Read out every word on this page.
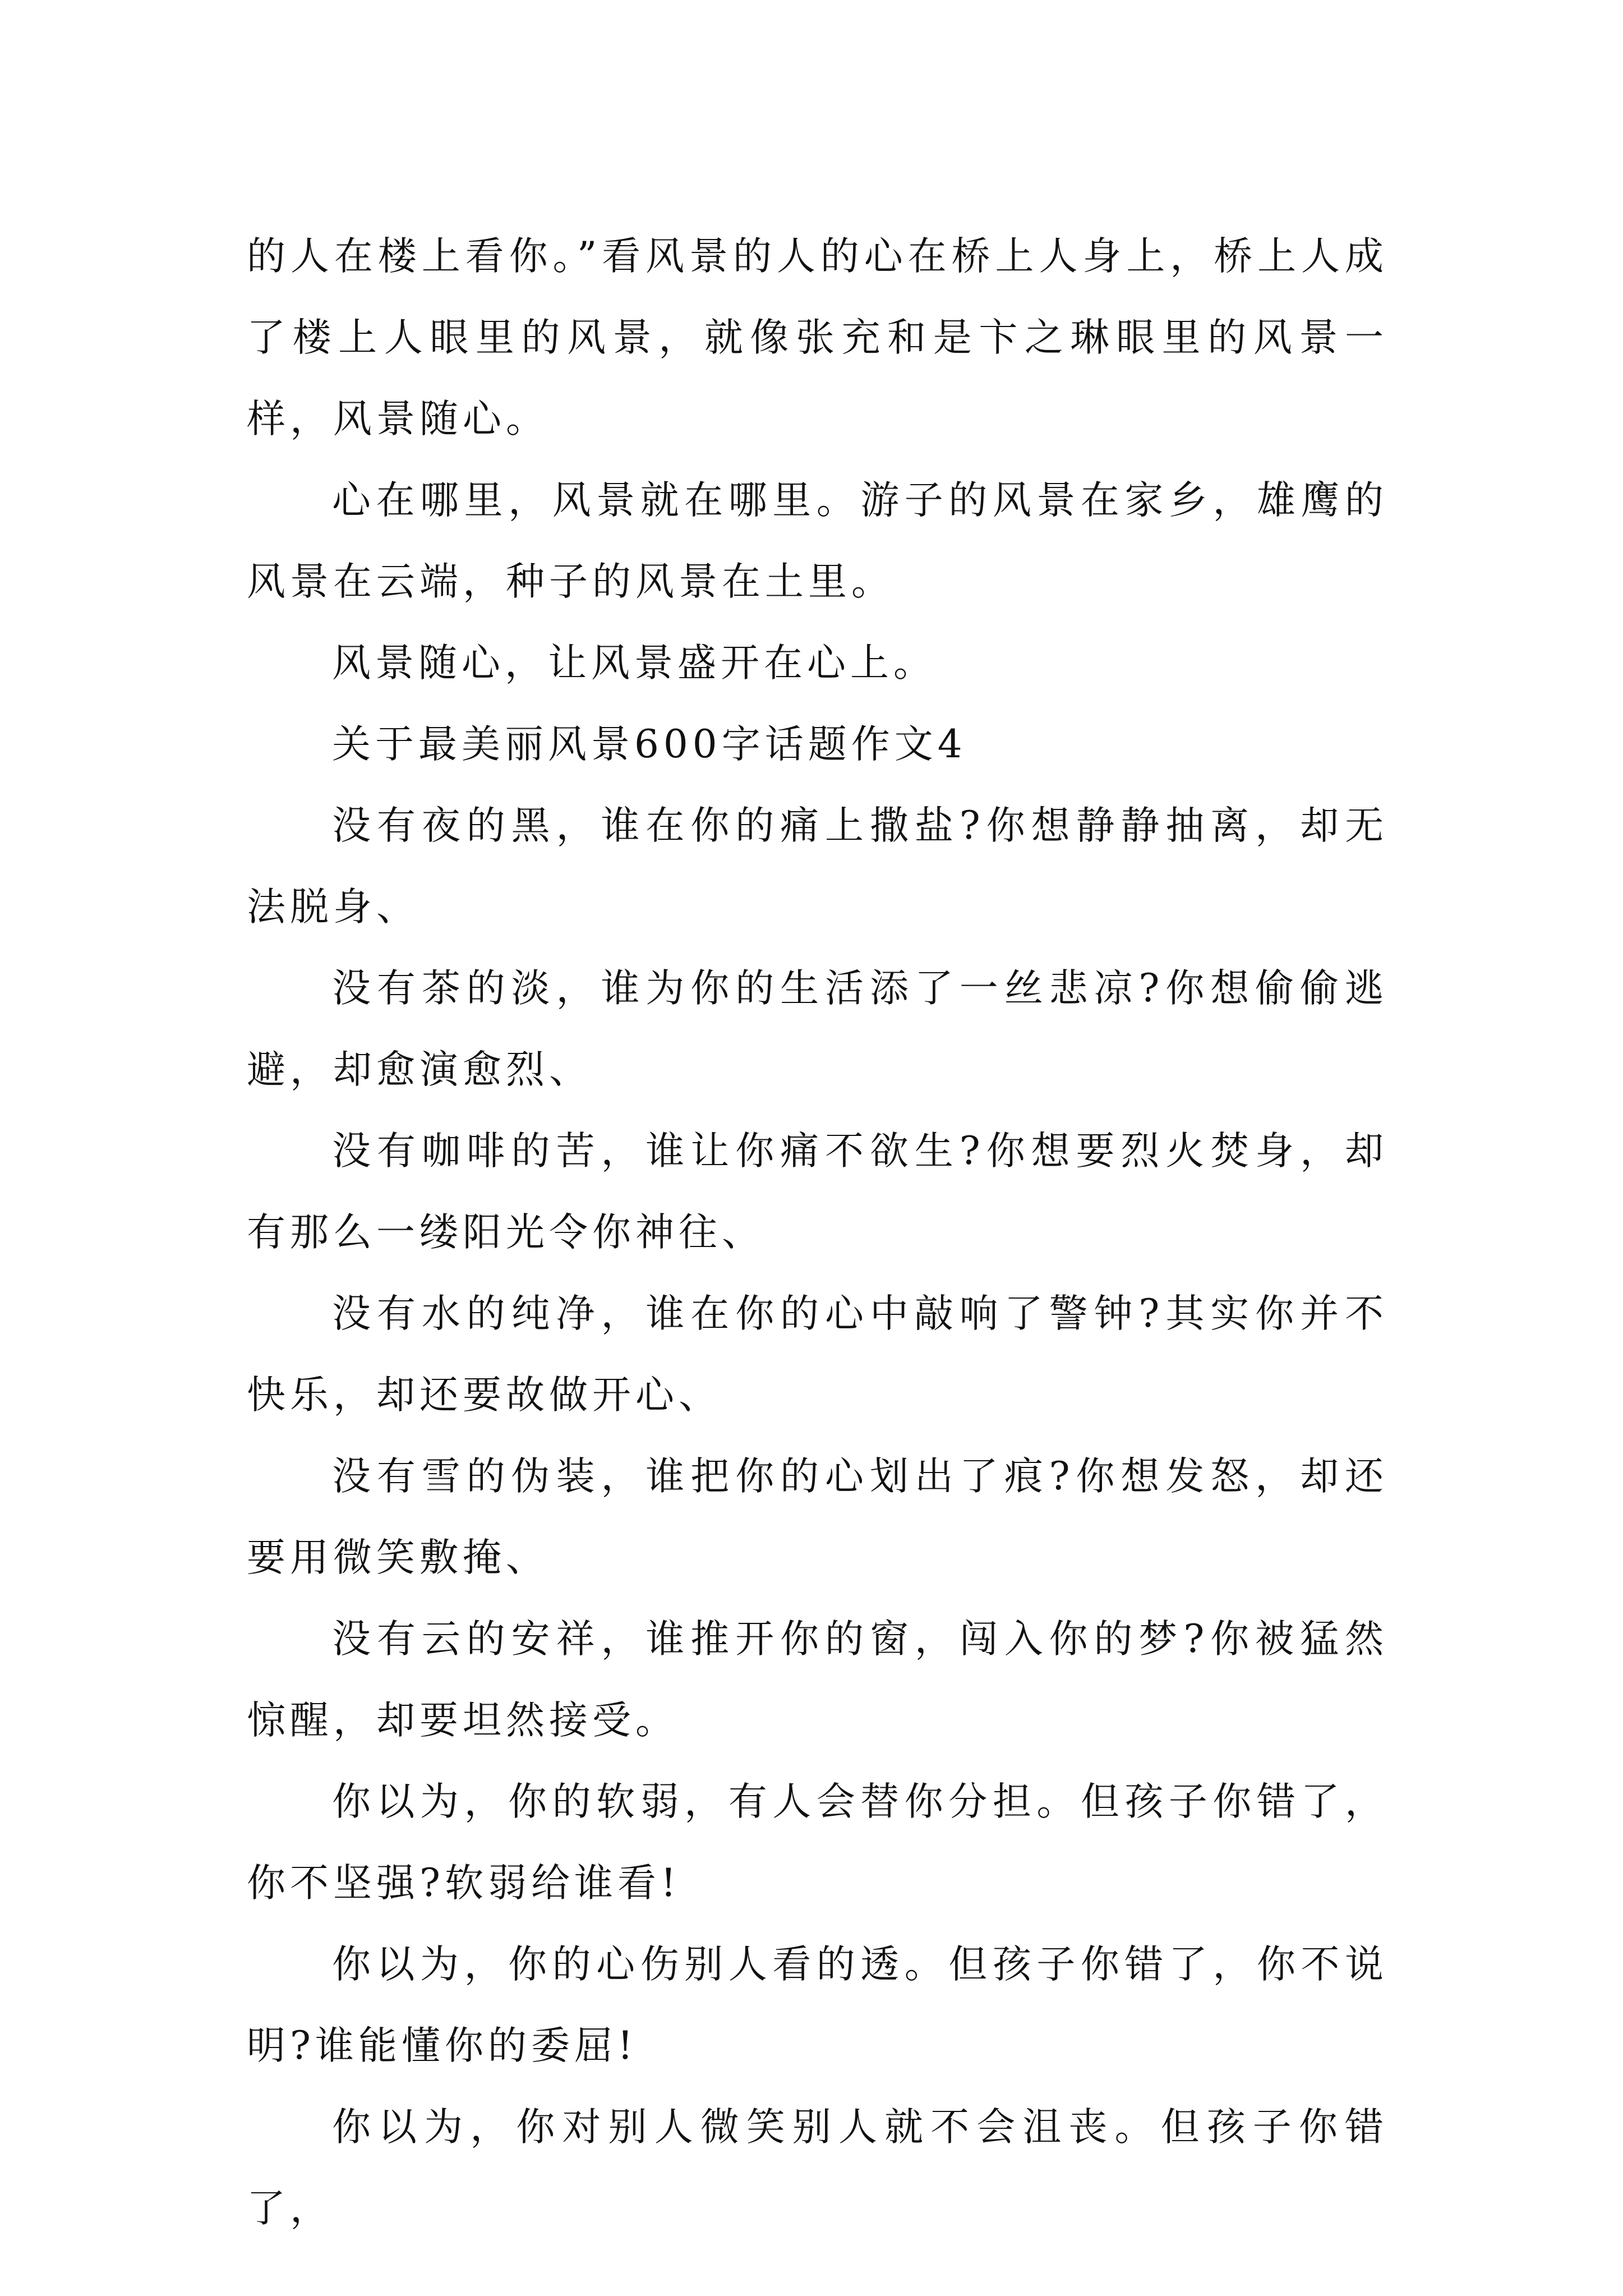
的人在楼上看你。”看风景的人的心在桥上人身上，桥上人成了楼上人眼里的风景，就像张充和是卞之琳眼里的风景一样，风景随心。

心在哪里，风景就在哪里。游子的风景在家乡，雄鹰的风景在云端，种子的风景在土里。

风景随心，让风景盛开在心上。

关于最美丽风景600字话题作文4

没有夜的黑，谁在你的痛上撒盐?你想静静抽离，却无法脱身、

没有茶的淡，谁为你的生活添了一丝悲凉?你想偷偷逃避，却愈演愈烈、

没有咖啡的苦，谁让你痛不欲生?你想要烈火焚身，却有那么一缕阳光令你神往、

没有水的纯净，谁在你的心中敲响了警钟?其实你并不快乐，却还要故做开心、

没有雪的伪装，谁把你的心划出了痕?你想发怒，却还要用微笑敷掩、

没有云的安祥，谁推开你的窗，闯入你的梦?你被猛然惊醒，却要坦然接受。

你以为，你的软弱，有人会替你分担。但孩子你错了，你不坚强?软弱给谁看!

你以为，你的心伤别人看的透。但孩子你错了，你不说明?谁能懂你的委屈!

你以为，你对别人微笑别人就不会沮丧。但孩子你错了，
